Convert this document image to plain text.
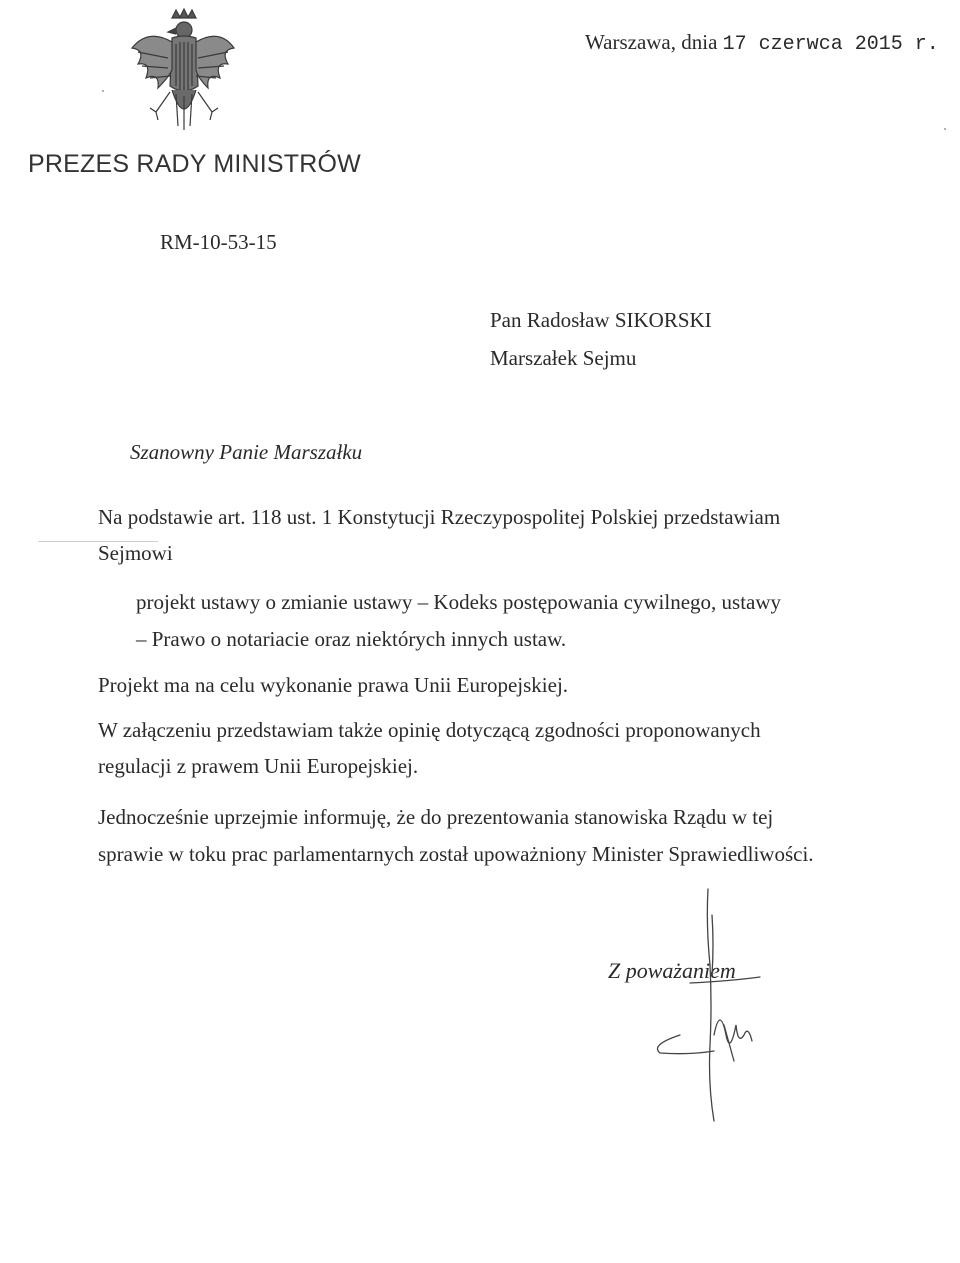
Warszawa, dnia 17 czerwca 2015 r.
PREZES RADY MINISTRÓW
RM-10-53-15
Pan Radosław SIKORSKI
Marszałek Sejmu
Szanowny Panie Marszałku
Na podstawie art. 118 ust. 1 Konstytucji Rzeczypospolitej Polskiej przedstawiam
Sejmowi
projekt ustawy o zmianie ustawy – Kodeks postępowania cywilnego, ustawy
– Prawo o notariacie oraz niektórych innych ustaw.
Projekt ma na celu wykonanie prawa Unii Europejskiej.
W załączeniu przedstawiam także opinię dotyczącą zgodności proponowanych
regulacji z prawem Unii Europejskiej.
Jednocześnie uprzejmie informuję, że do prezentowania stanowiska Rządu w tej
sprawie w toku prac parlamentarnych został upoważniony Minister Sprawiedliwości.
Z poważaniem
